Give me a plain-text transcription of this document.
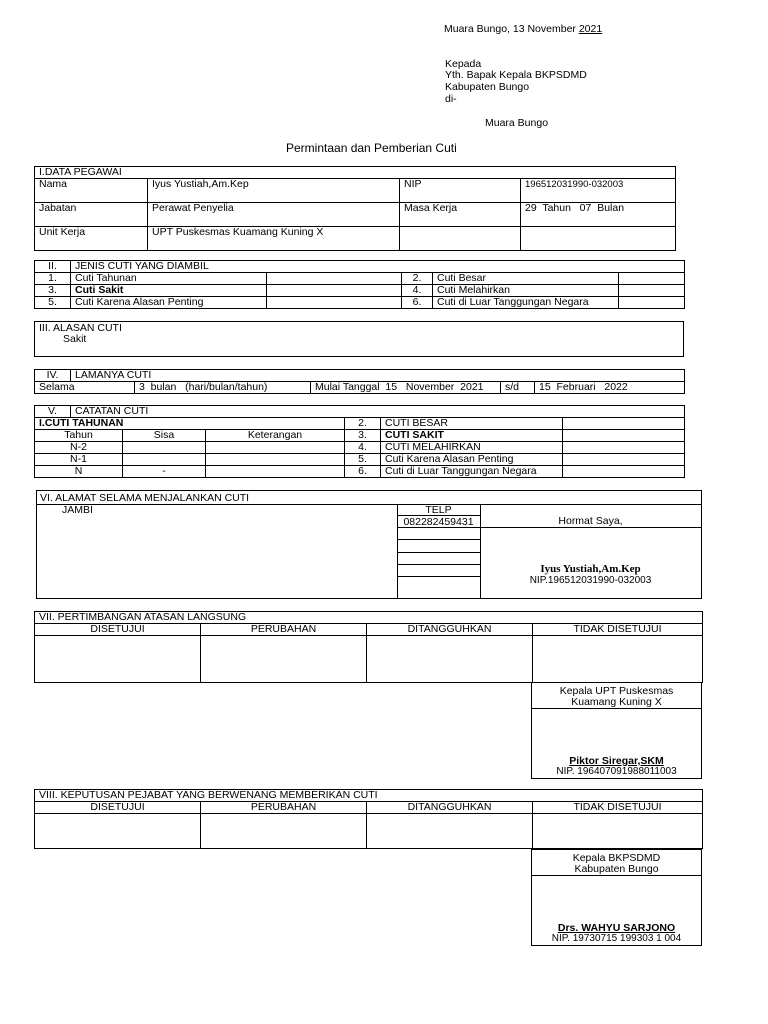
Muara Bungo, 13 November 2021
Kepada
Yth. Bapak Kepala BKPSDMD
Kabupaten Bungo
di-
Muara Bungo
Permintaan dan Pemberian Cuti
I.DATA PEGAWAI			
Nama	Iyus Yustiah,Am.Kep	NIP	196512031990-032003
Jabatan	Perawat Penyelia	Masa Kerja	29  Tahun   07  Bulan
Unit Kerja	UPT Puskesmas Kuamang Kuning X		
II.	JENIS CUTI YANG DIAMBIL				
1.	Cuti Tahunan		2.	Cuti Besar	
3.	Cuti Sakit		4.	Cuti Melahirkan	
5.	Cuti Karena Alasan Penting		6.	Cuti di Luar Tanggungan Negara	
III. ALASAN CUTI
Sakit
IV.	LAMANYA CUTI				
Selama		3  bulan   (hari/bulan/tahun)	Mulai Tanggal  15   November  2021	s/d	15  Februari   2022
V.	CATATAN CUTI					
I.CUTI TAHUNAN				2.	CUTI BESAR	
Tahun		Sisa	Keterangan	3.	CUTI SAKIT	
N-2				4.	CUTI MELAHIRKAN	
N-1				5.	Cuti Karena Alasan Penting	
N		-		6.	Cuti di Luar Tanggungan Negara	
VI. ALAMAT SELAMA MENJALANKAN CUTI
JAMBI	TELP
082282459431	Hormat Saya,
Iyus Yustiah,Am.Kep
NIP.196512031990-032003
VII. PERTIMBANGAN ATASAN LANGSUNG			
DISETUJUI	PERUBAHAN	DITANGGUHKAN	TIDAK DISETUJUI

Kepala UPT Puskesmas
Kuamang Kuning X
Piktor Siregar,SKM
NIP. 196407091988011003
VIII. KEPUTUSAN PEJABAT YANG BERWENANG MEMBERIKAN CUTI			
DISETUJUI	PERUBAHAN	DITANGGUHKAN	TIDAK DISETUJUI

Kepala BKPSDMD
Kabupaten Bungo
Drs. WAHYU SARJONO
NIP. 19730715 199303 1 004
